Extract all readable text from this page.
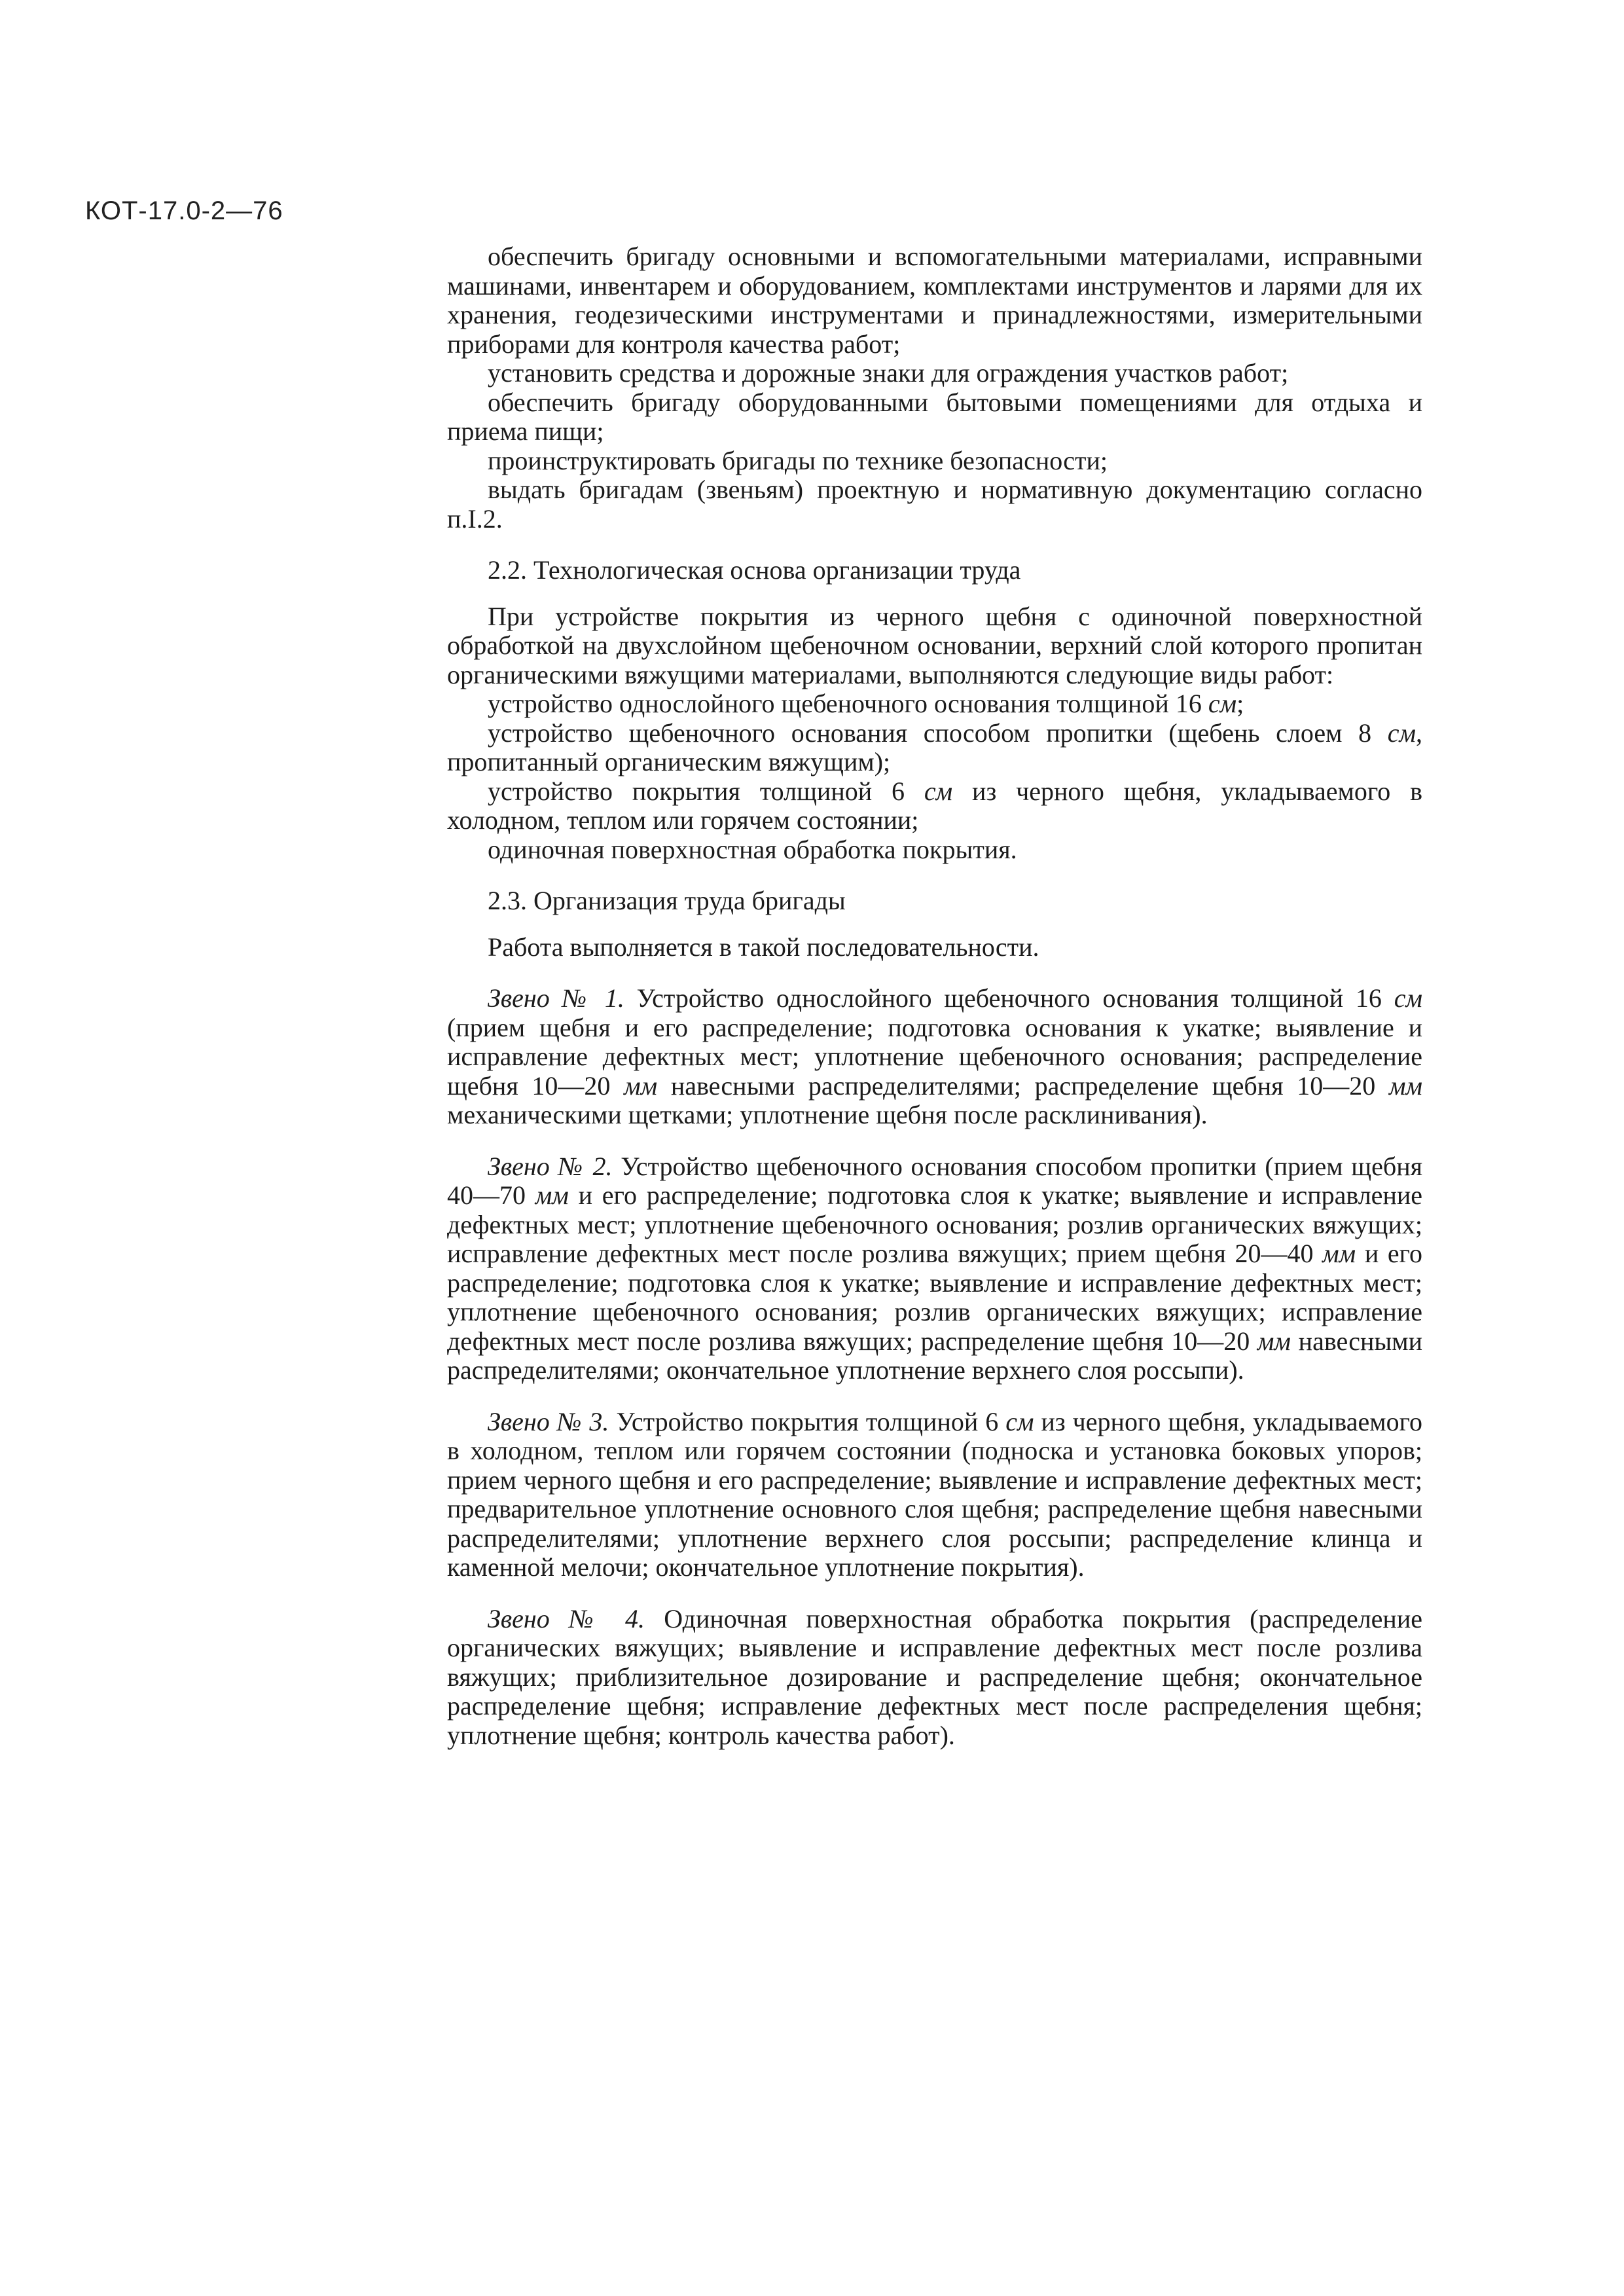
КОТ-17.0-2—76

обеспечить бригаду основными и вспомогательными материалами, исправными машинами, инвентарем и оборудованием, комплектами инструментов и ларями для их хранения, геодезическими инструментами и принадлежностями, измерительными приборами для контроля качества работ;

установить средства и дорожные знаки для ограждения участков работ;

обеспечить бригаду оборудованными бытовыми помещениями для отдыха и приема пищи;

проинструктировать бригады по технике безопасности;

выдать бригадам (звеньям) проектную и нормативную документацию согласно п.I.2.

2.2. Технологическая основа организации труда

При устройстве покрытия из черного щебня с одиночной поверхностной обработкой на двухслойном щебеночном основании, верхний слой которого пропитан органическими вяжущими материалами, выполняются следующие виды работ:

устройство однослойного щебеночного основания толщиной 16 см;

устройство щебеночного основания способом пропитки (щебень слоем 8 см, пропитанный органическим вяжущим);

устройство покрытия толщиной 6 см из черного щебня, укладываемого в холодном, теплом или горячем состоянии;

одиночная поверхностная обработка покрытия.

2.3. Организация труда бригады

Работа выполняется в такой последовательности.

Звено № 1. Устройство однослойного щебеночного основания толщиной 16 см (прием щебня и его распределение; подготовка основания к укатке; выявление и исправление дефектных мест; уплотнение щебеночного основания; распределение щебня 10—20 мм навесными распределителями; распределение щебня 10—20 мм механическими щетками; уплотнение щебня после расклинивания).

Звено № 2. Устройство щебеночного основания способом пропитки (прием щебня 40—70 мм и его распределение; подготовка слоя к укатке; выявление и исправление дефектных мест; уплотнение щебеночного основания; розлив органических вяжущих; исправление дефектных мест после розлива вяжущих; прием щебня 20—40 мм и его распределение; подготовка слоя к укатке; выявление и исправление дефектных мест; уплотнение щебеночного основания; розлив органических вяжущих; исправление дефектных мест после розлива вяжущих; распределение щебня 10—20 мм навесными распределителями; окончательное уплотнение верхнего слоя россыпи).

Звено № 3. Устройство покрытия толщиной 6 см из черного щебня, укладываемого в холодном, теплом или горячем состоянии (подноска и установка боковых упоров; прием черного щебня и его распределение; выявление и исправление дефектных мест; предварительное уплотнение основного слоя щебня; распределение щебня навесными распределителями; уплотнение верхнего слоя россыпи; распределение клинца и каменной мелочи; окончательное уплотнение покрытия).

Звено № 4. Одиночная поверхностная обработка покрытия (распределение органических вяжущих; выявление и исправление дефектных мест после розлива вяжущих; приблизительное дозирование и распределение щебня; окончательное распределение щебня; исправление дефектных мест после распределения щебня; уплотнение щебня; контроль качества работ).
